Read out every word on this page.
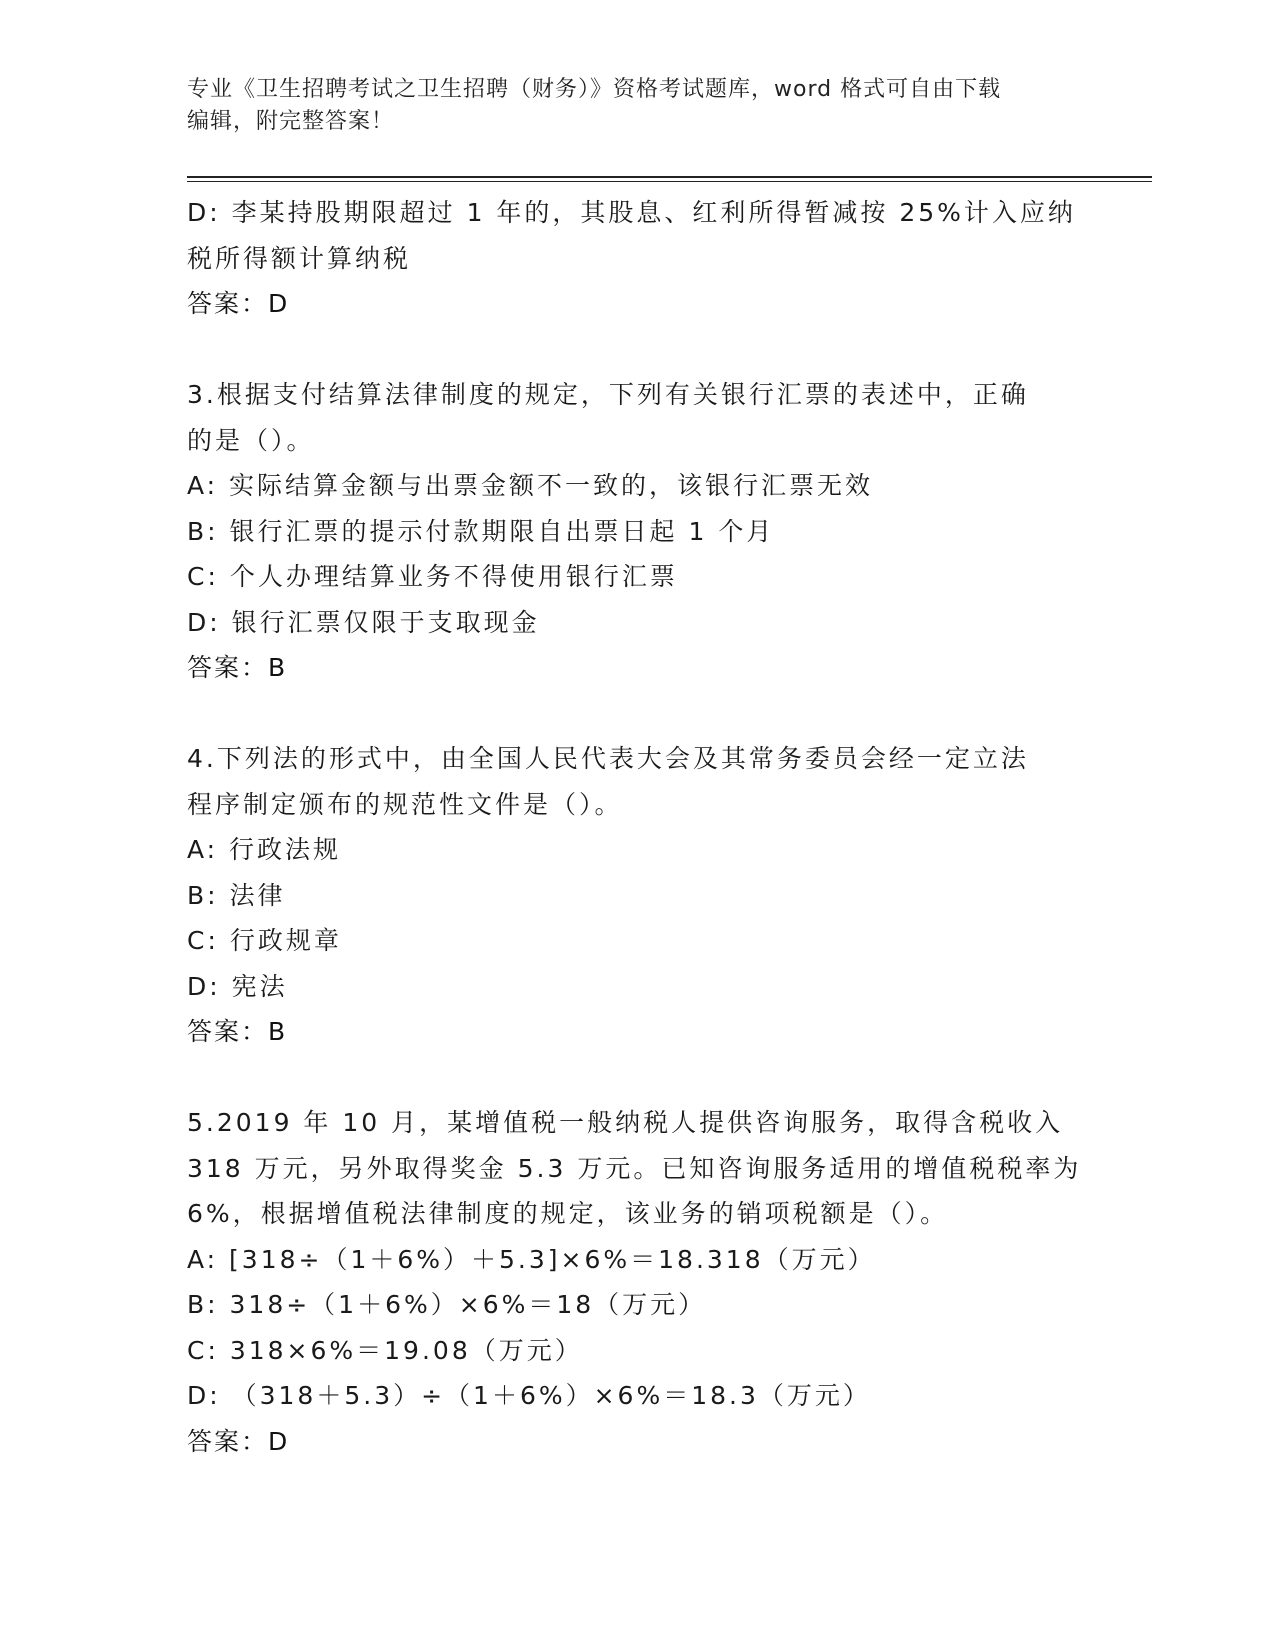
专业《卫生招聘考试之卫生招聘（财务）》资格考试题库，word 格式可自由下载
编辑，附完整答案！
D: 李某持股期限超过 1 年的，其股息、红利所得暂减按 25%计入应纳
税所得额计算纳税
答案：D
3.根据支付结算法律制度的规定，下列有关银行汇票的表述中，正确
的是（）。
A: 实际结算金额与出票金额不一致的，该银行汇票无效
B: 银行汇票的提示付款期限自出票日起 1 个月
C: 个人办理结算业务不得使用银行汇票
D: 银行汇票仅限于支取现金
答案：B
4.下列法的形式中，由全国人民代表大会及其常务委员会经一定立法
程序制定颁布的规范性文件是（）。
A: 行政法规
B: 法律
C: 行政规章
D: 宪法
答案：B
5.2019 年 10 月，某增值税一般纳税人提供咨询服务，取得含税收入
318 万元，另外取得奖金 5.3 万元。已知咨询服务适用的增值税税率为
6%，根据增值税法律制度的规定，该业务的销项税额是（）。
A: [318÷（1＋6%）＋5.3]×6%＝18.318（万元）
B: 318÷（1＋6%）×6%＝18（万元）
C: 318×6%＝19.08（万元）
D: （318＋5.3）÷（1＋6%）×6%＝18.3（万元）
答案：D
